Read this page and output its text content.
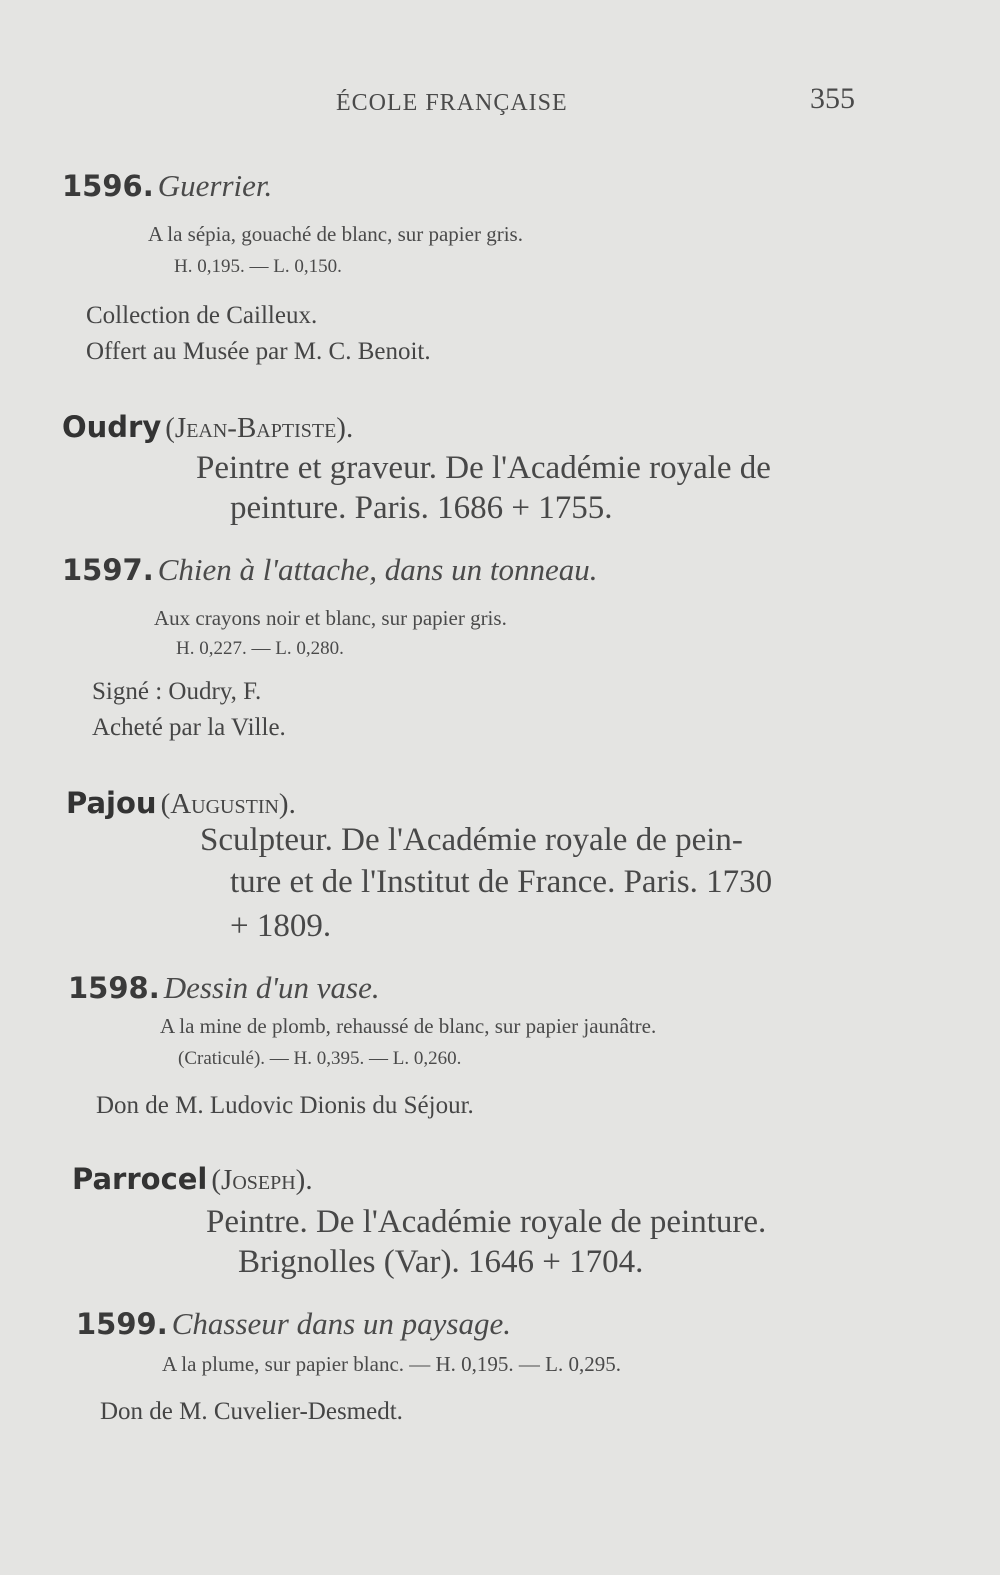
ÉCOLE FRANÇAISE	355
1596. Guerrier.
A la sépia, gouaché de blanc, sur papier gris.
H. 0,195. — L. 0,150.
Collection de Cailleux.
Offert au Musée par M. C. Benoit.
Oudry (Jean-Baptiste).
Peintre et graveur. De l'Académie royale de
peinture. Paris. 1686 + 1755.
1597. Chien à l'attache, dans un tonneau.
Aux crayons noir et blanc, sur papier gris.
H. 0,227. — L. 0,280.
Signé : Oudry, F.
Acheté par la Ville.
Pajou (Augustin).
Sculpteur. De l'Académie royale de pein-
ture et de l'Institut de France. Paris. 1730
+ 1809.
1598. Dessin d'un vase.
A la mine de plomb, rehaussé de blanc, sur papier jaunâtre.
(Craticulé). — H. 0,395. — L. 0,260.
Don de M. Ludovic Dionis du Séjour.
Parrocel (Joseph).
Peintre. De l'Académie royale de peinture.
Brignolles (Var). 1646 + 1704.
1599. Chasseur dans un paysage.
A la plume, sur papier blanc. — H. 0,195. — L. 0,295.
Don de M. Cuvelier-Desmedt.
